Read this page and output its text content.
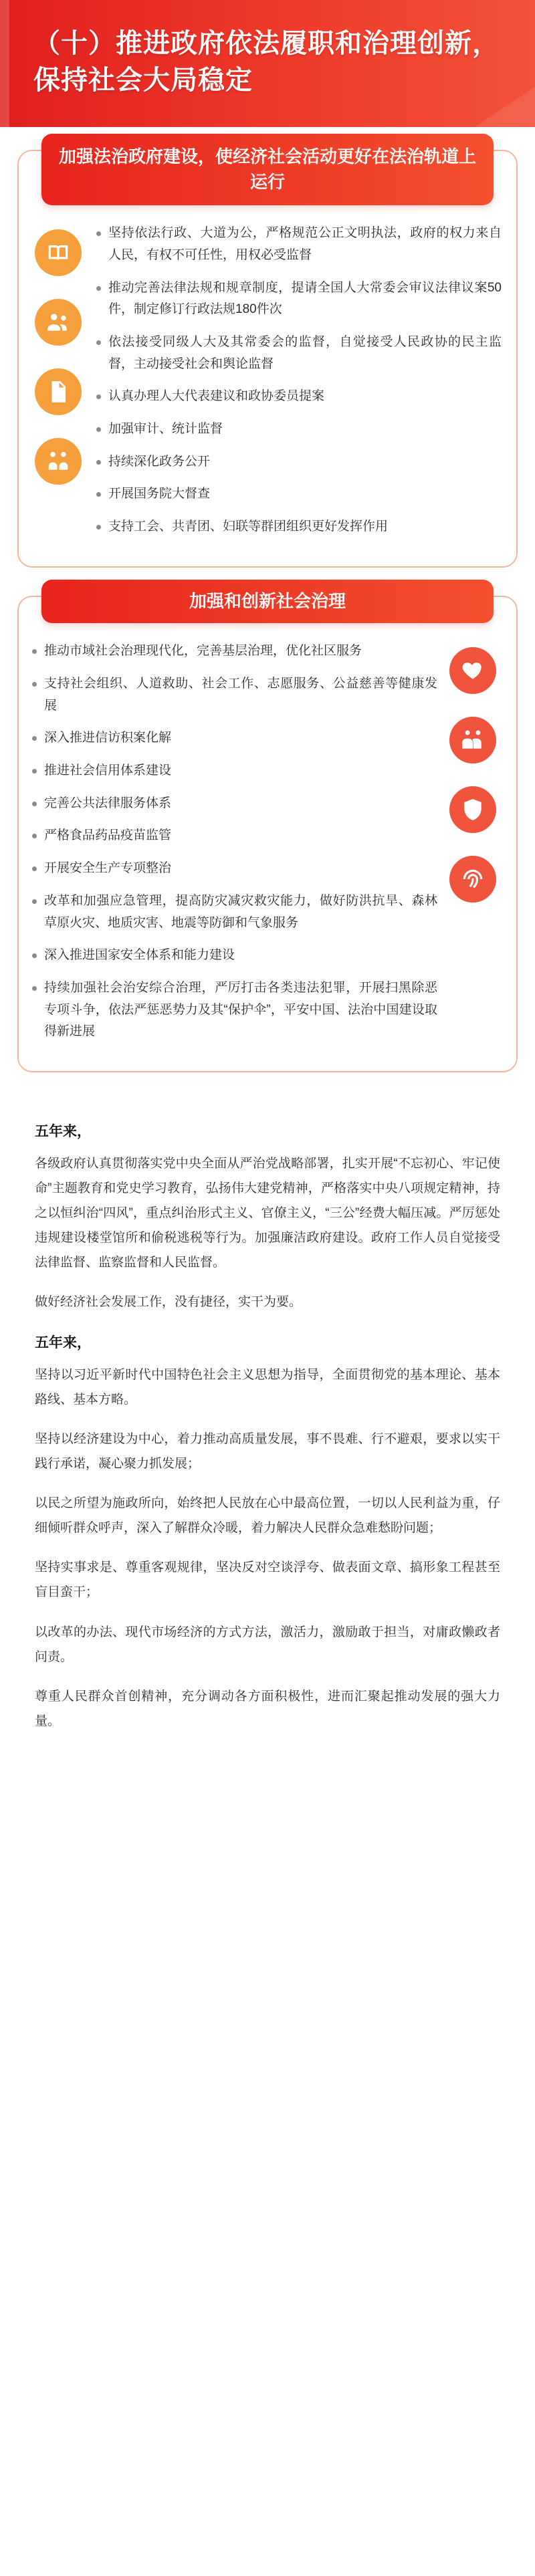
（十）推进政府依法履职和治理创新，保持社会大局稳定
加强法治政府建设，使经济社会活动更好在法治轨道上运行
坚持依法行政、大道为公，严格规范公正文明执法，政府的权力来自人民，有权不可任性，用权必受监督
推动完善法律法规和规章制度，提请全国人大常委会审议法律议案50件，制定修订行政法规180件次
依法接受同级人大及其常委会的监督，自觉接受人民政协的民主监督，主动接受社会和舆论监督
认真办理人大代表建议和政协委员提案
加强审计、统计监督
持续深化政务公开
开展国务院大督查
支持工会、共青团、妇联等群团组织更好发挥作用
加强和创新社会治理
推动市域社会治理现代化，完善基层治理，优化社区服务
支持社会组织、人道救助、社会工作、志愿服务、公益慈善等健康发展
深入推进信访积案化解
推进社会信用体系建设
完善公共法律服务体系
严格食品药品疫苗监管
开展安全生产专项整治
改革和加强应急管理，提高防灾减灾救灾能力，做好防洪抗旱、森林草原火灾、地质灾害、地震等防御和气象服务
深入推进国家安全体系和能力建设
持续加强社会治安综合治理，严厉打击各类违法犯罪，开展扫黑除恶专项斗争，依法严惩恶势力及其“保护伞”，平安中国、法治中国建设取得新进展
五年来，

各级政府认真贯彻落实党中央全面从严治党战略部署，扎实开展“不忘初心、牢记使命”主题教育和党史学习教育，弘扬伟大建党精神，严格落实中央八项规定精神，持之以恒纠治“四风”，重点纠治形式主义、官僚主义，“三公”经费大幅压减。严厉惩处违规建设楼堂馆所和偷税逃税等行为。加强廉洁政府建设。政府工作人员自觉接受法律监督、监察监督和人民监督。

做好经济社会发展工作，没有捷径，实干为要。

五年来，

坚持以习近平新时代中国特色社会主义思想为指导，全面贯彻党的基本理论、基本路线、基本方略。

坚持以经济建设为中心，着力推动高质量发展，事不畏难、行不避艰，要求以实干践行承诺，凝心聚力抓发展；

以民之所望为施政所向，始终把人民放在心中最高位置，一切以人民利益为重，仔细倾听群众呼声，深入了解群众冷暖，着力解决人民群众急难愁盼问题；

坚持实事求是、尊重客观规律，坚决反对空谈浮夸、做表面文章、搞形象工程甚至盲目蛮干；

以改革的办法、现代市场经济的方式方法，激活力，激励敢于担当，对庸政懒政者问责。

尊重人民群众首创精神，充分调动各方面积极性，进而汇聚起推动发展的强大力量。
